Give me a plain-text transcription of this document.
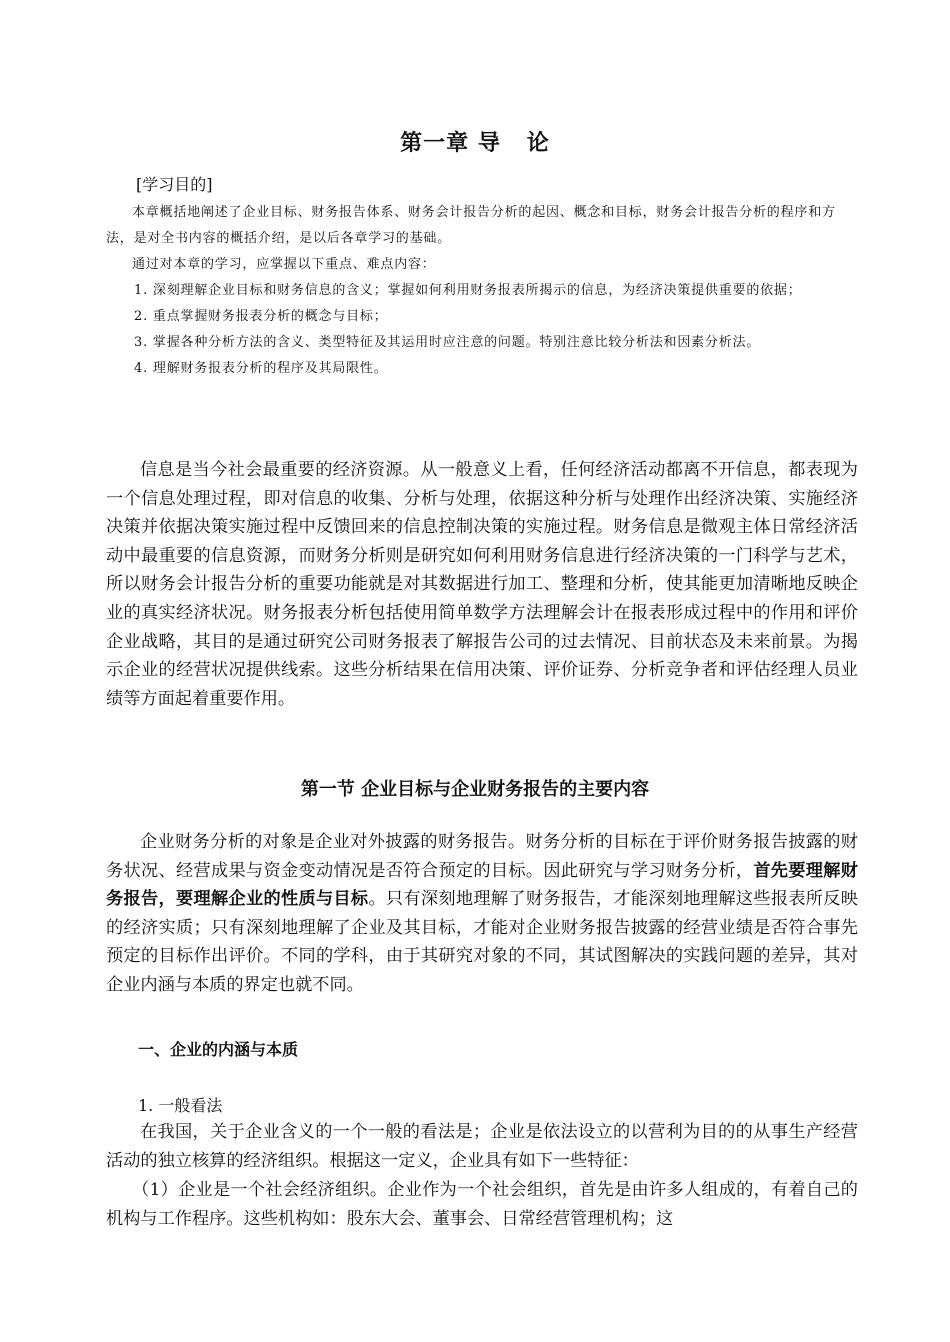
第一章 导   论
[学习目的]

本章概括地阐述了企业目标、财务报告体系、财务会计报告分析的起因、概念和目标，财务会计报告分析的程序和方法，是对全书内容的概括介绍，是以后各章学习的基础。

通过对本章的学习，应掌握以下重点、难点内容：

1. 深刻理解企业目标和财务信息的含义；掌握如何利用财务报表所揭示的信息，为经济决策提供重要的依据；

2. 重点掌握财务报表分析的概念与目标；

3. 掌握各种分析方法的含义、类型特征及其运用时应注意的问题。特别注意比较分析法和因素分析法。

4. 理解财务报表分析的程序及其局限性。

信息是当今社会最重要的经济资源。从一般意义上看，任何经济活动都离不开信息，都表现为一个信息处理过程，即对信息的收集、分析与处理，依据这种分析与处理作出经济决策、实施经济决策并依据决策实施过程中反馈回来的信息控制决策的实施过程。财务信息是微观主体日常经济活动中最重要的信息资源，而财务分析则是研究如何利用财务信息进行经济决策的一门科学与艺术，所以财务会计报告分析的重要功能就是对其数据进行加工、整理和分析，使其能更加清晰地反映企业的真实经济状况。财务报表分析包括使用简单数学方法理解会计在报表形成过程中的作用和评价企业战略，其目的是通过研究公司财务报表了解报告公司的过去情况、目前状态及未来前景。为揭示企业的经营状况提供线索。这些分析结果在信用决策、评价证券、分析竞争者和评估经理人员业绩等方面起着重要作用。

第一节 企业目标与企业财务报告的主要内容

企业财务分析的对象是企业对外披露的财务报告。财务分析的目标在于评价财务报告披露的财务状况、经营成果与资金变动情况是否符合预定的目标。因此研究与学习财务分析，首先要理解财务报告，要理解企业的性质与目标。只有深刻地理解了财务报告，才能深刻地理解这些报表所反映的经济实质；只有深刻地理解了企业及其目标，才能对企业财务报告披露的经营业绩是否符合事先预定的目标作出评价。不同的学科，由于其研究对象的不同，其试图解决的实践问题的差异，其对企业内涵与本质的界定也就不同。

一、企业的内涵与本质
1. 一般看法

在我国，关于企业含义的一个一般的看法是；企业是依法设立的以营利为目的的从事生产经营活动的独立核算的经济组织。根据这一定义，企业具有如下一些特征：

（1）企业是一个社会经济组织。企业作为一个社会组织，首先是由许多人组成的，有着自己的机构与工作程序。这些机构如：股东大会、董事会、日常经营管理机构；这
